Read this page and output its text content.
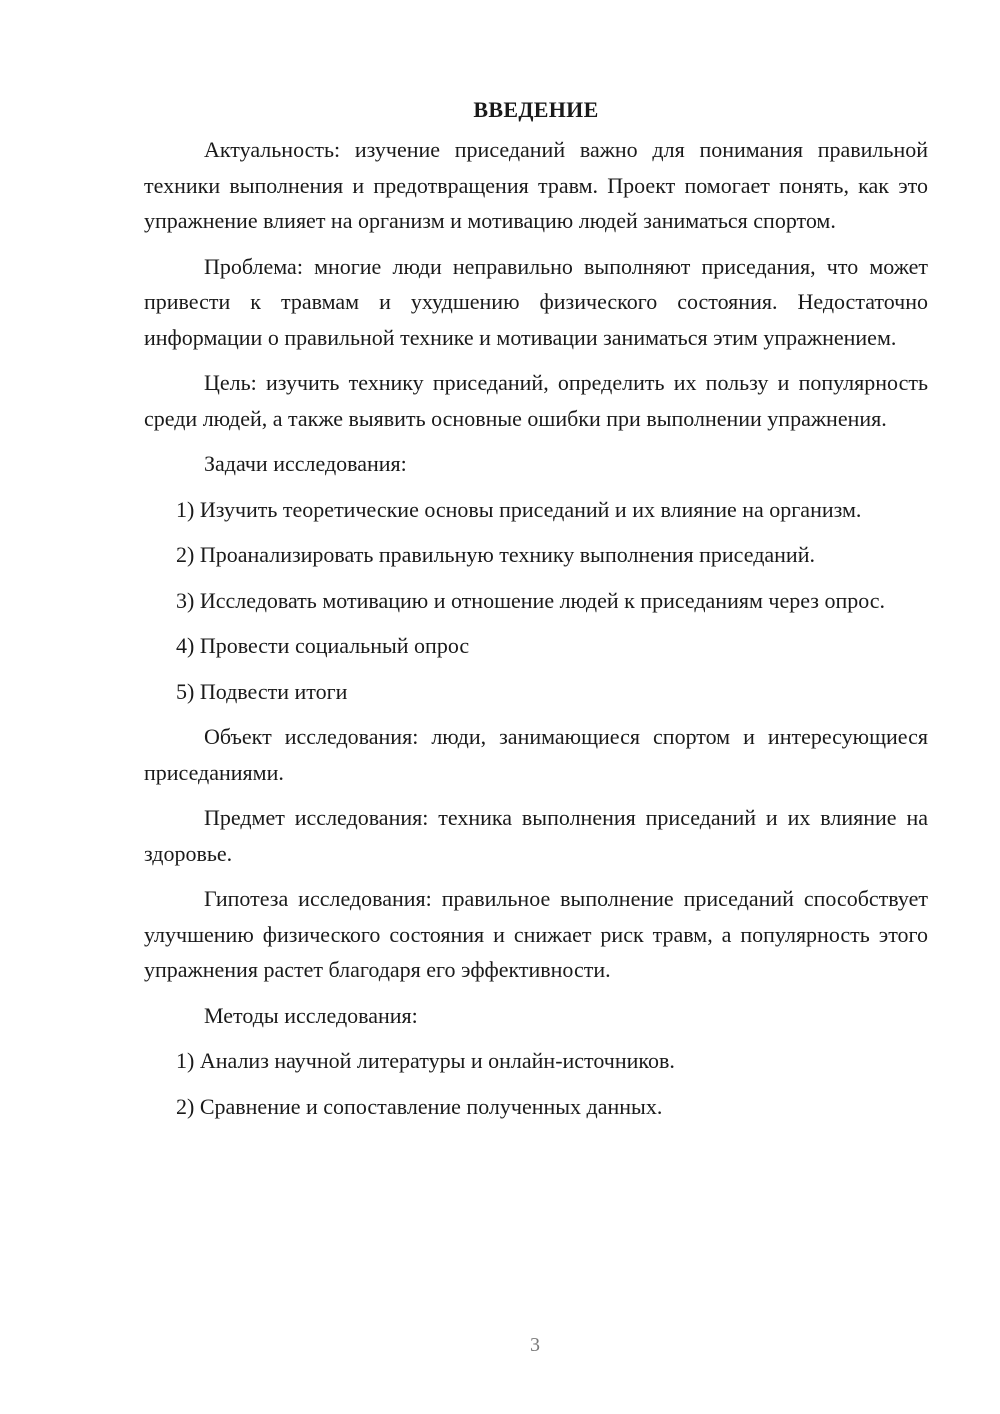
ВВЕДЕНИЕ

Актуальность: изучение приседаний важно для понимания правильной техники выполнения и предотвращения травм. Проект помогает понять, как это упражнение влияет на организм и мотивацию людей заниматься спортом.

Проблема: многие люди неправильно выполняют приседания, что может привести к травмам и ухудшению физического состояния. Недостаточно информации о правильной технике и мотивации заниматься этим упражнением.

Цель: изучить технику приседаний, определить их пользу и популярность среди людей, а также выявить основные ошибки при выполнении упражнения.

Задачи исследования:

1) Изучить теоретические основы приседаний и их влияние на организм.

2) Проанализировать правильную технику выполнения приседаний.

3) Исследовать мотивацию и отношение людей к приседаниям через опрос.

4) Провести социальный опрос

5) Подвести итоги

Объект исследования: люди, занимающиеся спортом и интересующиеся приседаниями.

Предмет исследования: техника выполнения приседаний и их влияние на здоровье.

Гипотеза исследования: правильное выполнение приседаний способствует улучшению физического состояния и снижает риск травм, а популярность этого упражнения растет благодаря его эффективности.

Методы исследования:

1) Анализ научной литературы и онлайн-источников.

2) Сравнение и сопоставление полученных данных.

3
